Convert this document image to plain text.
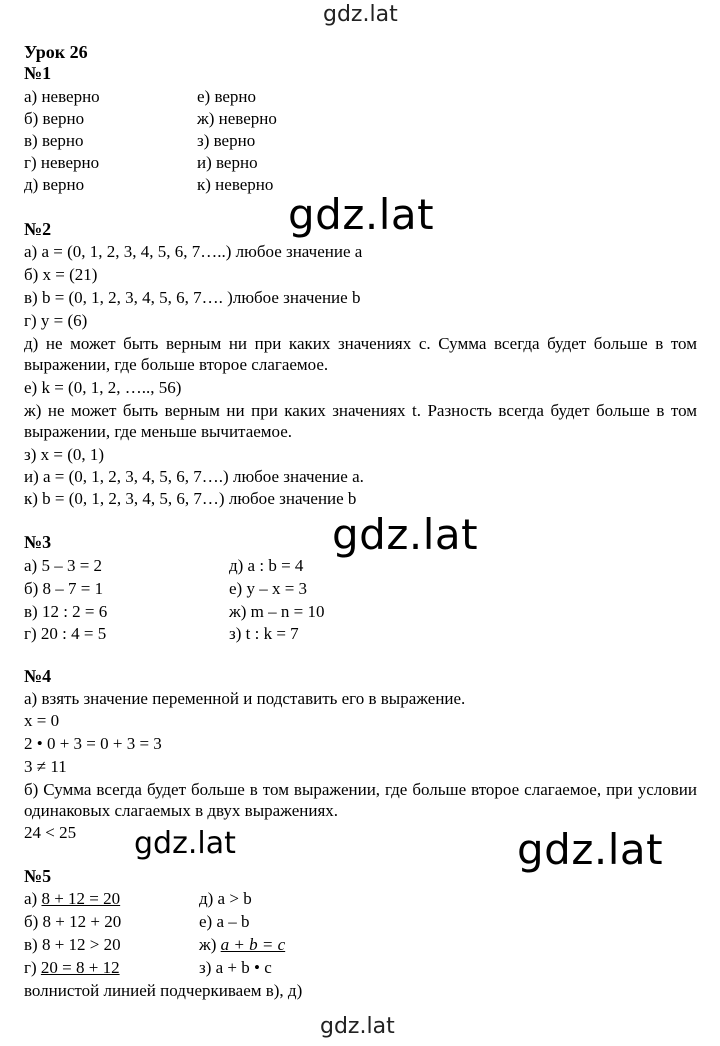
gdz.lat
Урок 26
№1
а) неверно
б) верно
в) верно
г) неверно
д) верно
е) верно
ж) неверно
з) верно
и) верно
к) неверно
gdz.lat
№2
а) a = (0, 1, 2, 3, 4, 5, 6, 7…..) любое значение a
б) x = (21)
в) b = (0, 1, 2, 3, 4, 5, 6, 7…. )любое значение b
г) y = (6)
д) не может быть верным ни при каких значениях c. Сумма всегда будет больше в том выражении, где больше второе слагаемое.
е) k = (0, 1, 2, ….., 56)
ж) не может быть верным ни при каких значениях t. Разность всегда будет больше в том выражении, где меньше вычитаемое.
з) x = (0, 1)
и) a = (0, 1, 2, 3, 4, 5, 6, 7….) любое значение a.
к) b = (0, 1, 2, 3, 4, 5, 6, 7…) любое значение b
gdz.lat
№3
а) 5 – 3 = 2
б) 8 – 7 = 1
в) 12 : 2 = 6
г) 20 : 4 = 5
д) a : b = 4
е) y – x = 3
ж) m – n = 10
з) t : k = 7
№4
а) взять значение переменной и подставить его в выражение.
x = 0
2 • 0 + 3 = 0 + 3 = 3
3 ≠ 11
б) Сумма всегда будет больше в том выражении, где больше второе слагаемое, при условии одинаковых слагаемых в двух выражениях.
24 < 25 gdz.lat	gdz.lat
№5
а) 8 + 12 = 20
б) 8 + 12 + 20
в) 8 + 12 > 20
г) 20 = 8 + 12
д) a > b
е) a – b
ж) a + b = c
з) a + b • c
волнистой линией подчеркиваем в), д)
gdz.lat
